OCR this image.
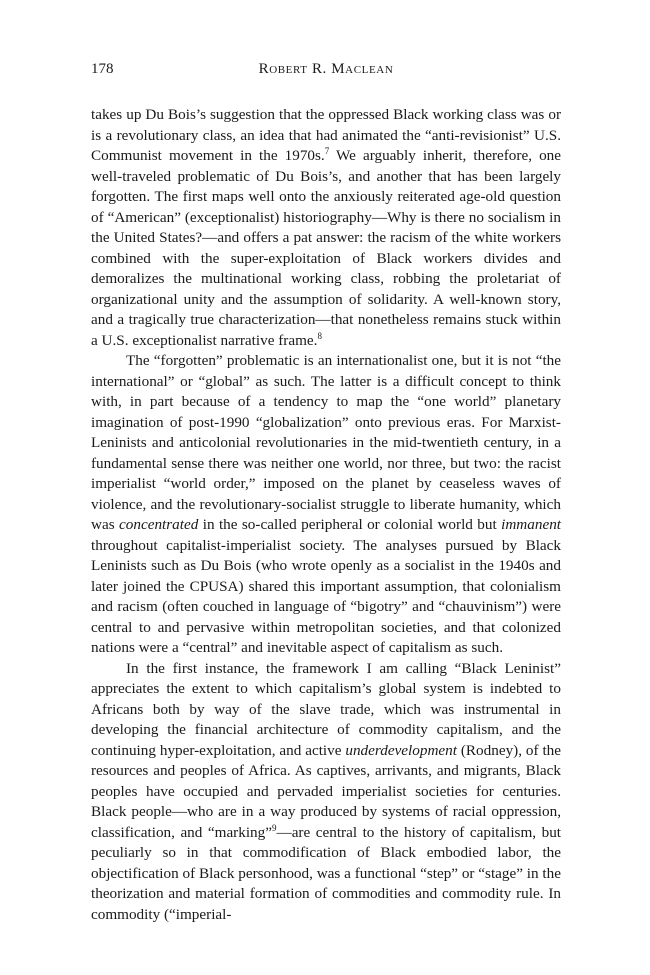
178	Robert R. Maclean

takes up Du Bois’s suggestion that the oppressed Black working class was or is a revolutionary class, an idea that had animated the “anti-revisionist” U.S. Communist movement in the 1970s.$^7$ We arguably inherit, therefore, one well-traveled problematic of Du Bois’s, and another that has been largely forgotten. The first maps well onto the anxiously reiterated age-old question of “American” (exceptionalist) historiography—Why is there no socialism in the United States?—and offers a pat answer: the racism of the white workers combined with the super-exploitation of Black workers divides and demoralizes the multinational working class, robbing the proletariat of organizational unity and the assumption of solidarity. A well-known story, and a tragically true characterization—that nonetheless remains stuck within a U.S. exceptionalist narrative frame.$^8$

The “forgotten” problematic is an internationalist one, but it is not “the international” or “global” as such. The latter is a difficult concept to think with, in part because of a tendency to map the “one world” planetary imagination of post-1990 “globalization” onto previous eras. For Marxist-Leninists and anticolonial revolutionaries in the mid-twentieth century, in a fundamental sense there was neither one world, nor three, but two: the racist imperialist “world order,” imposed on the planet by ceaseless waves of violence, and the revolutionary-socialist struggle to liberate humanity, which was concentrated in the so-called peripheral or colonial world but immanent throughout capitalist-imperialist society. The analyses pursued by Black Leninists such as Du Bois (who wrote openly as a socialist in the 1940s and later joined the CPUSA) shared this important assumption, that colonialism and racism (often couched in language of “bigotry” and “chauvinism”) were central to and pervasive within metropolitan societies, and that colonized nations were a “central” and inevitable aspect of capitalism as such.

In the first instance, the framework I am calling “Black Leninist” appreciates the extent to which capitalism’s global system is indebted to Africans both by way of the slave trade, which was instrumental in developing the financial architecture of commodity capitalism, and the continuing hyper-exploitation, and active underdevelopment (Rodney), of the resources and peoples of Africa. As captives, arrivants, and migrants, Black peoples have occupied and pervaded imperialist societies for centuries. Black people—who are in a way produced by systems of racial oppression, classification, and “marking”$^9$—are central to the history of capitalism, but peculiarly so in that commodification of Black embodied labor, the objectification of Black personhood, was a functional “step” or “stage” in the theorization and material formation of commodities and commodity rule. In commodity (“imperial-
